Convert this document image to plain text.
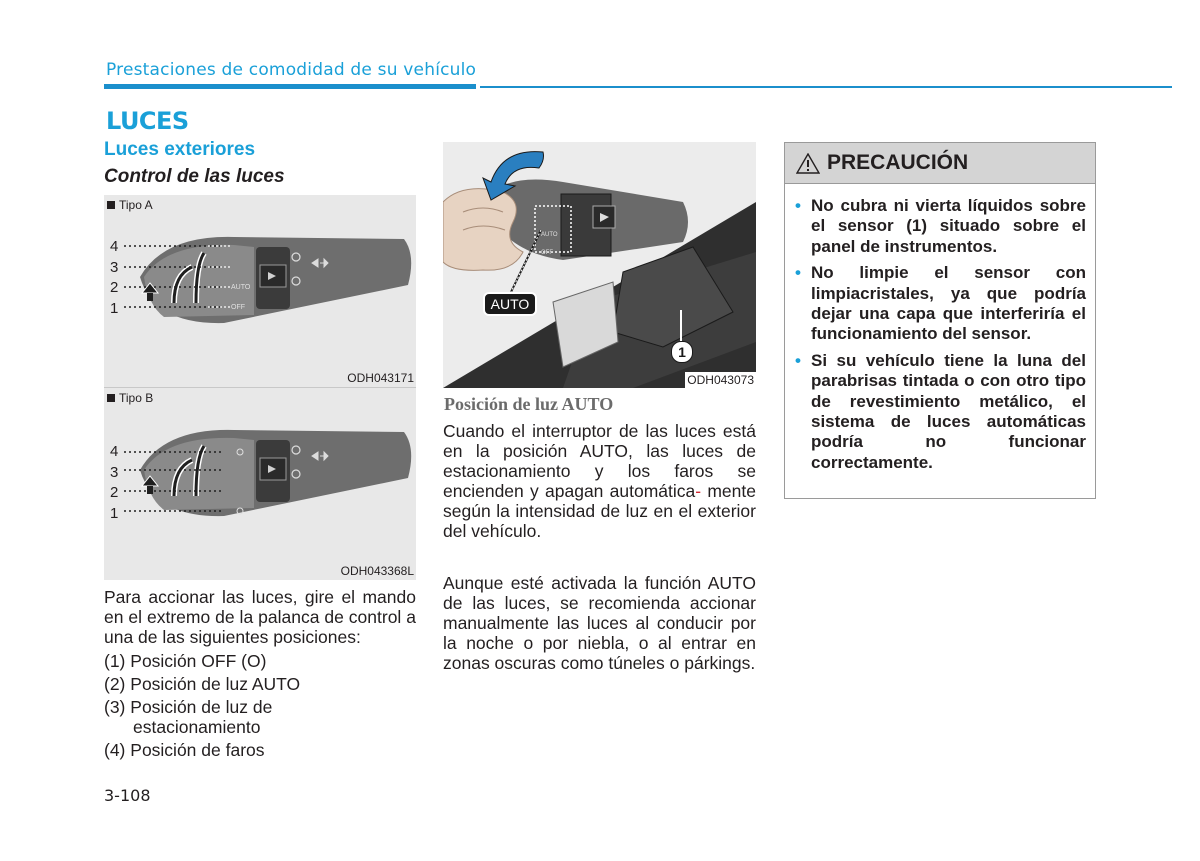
Prestaciones de comodidad de su vehículo
LUCES
Luces exteriores
Control de las luces
Tipo A
AUTO
OFF
4
3
2
1
ODH043171
Tipo B
4
3
2
1
ODH043368L
Para accionar las luces, gire el mando en el extremo de la palanca de control a una de las siguientes posiciones:
(1) Posición OFF (O)
(2) Posición de luz AUTO
(3) Posición de luz de
estacionamiento
(4) Posición de faros
AUTO
OFF
AUTO
1
ODH043073
Posición de luz AUTO
Cuando el interruptor de las luces está en la posición AUTO, las luces de estacionamiento y los faros se encienden y apagan automática- mente según la intensidad de luz en el exterior del vehículo.
Aunque esté activada la función AUTO de las luces, se recomienda accionar manualmente las luces al conducir por la noche o por niebla, o al entrar en zonas oscuras como túneles o párkings.
PRECAUCIÓN
• No cubra ni vierta líquidos sobre el sensor (1) situado sobre el panel de instrumentos.
• No limpie el sensor con limpiacristales, ya que podría dejar una capa que interferiría el funcionamiento del sensor.
• Si su vehículo tiene la luna del parabrisas tintada o con otro tipo de revestimiento metálico, el sistema de luces automáticas podría no funcionar correctamente.
3-108
